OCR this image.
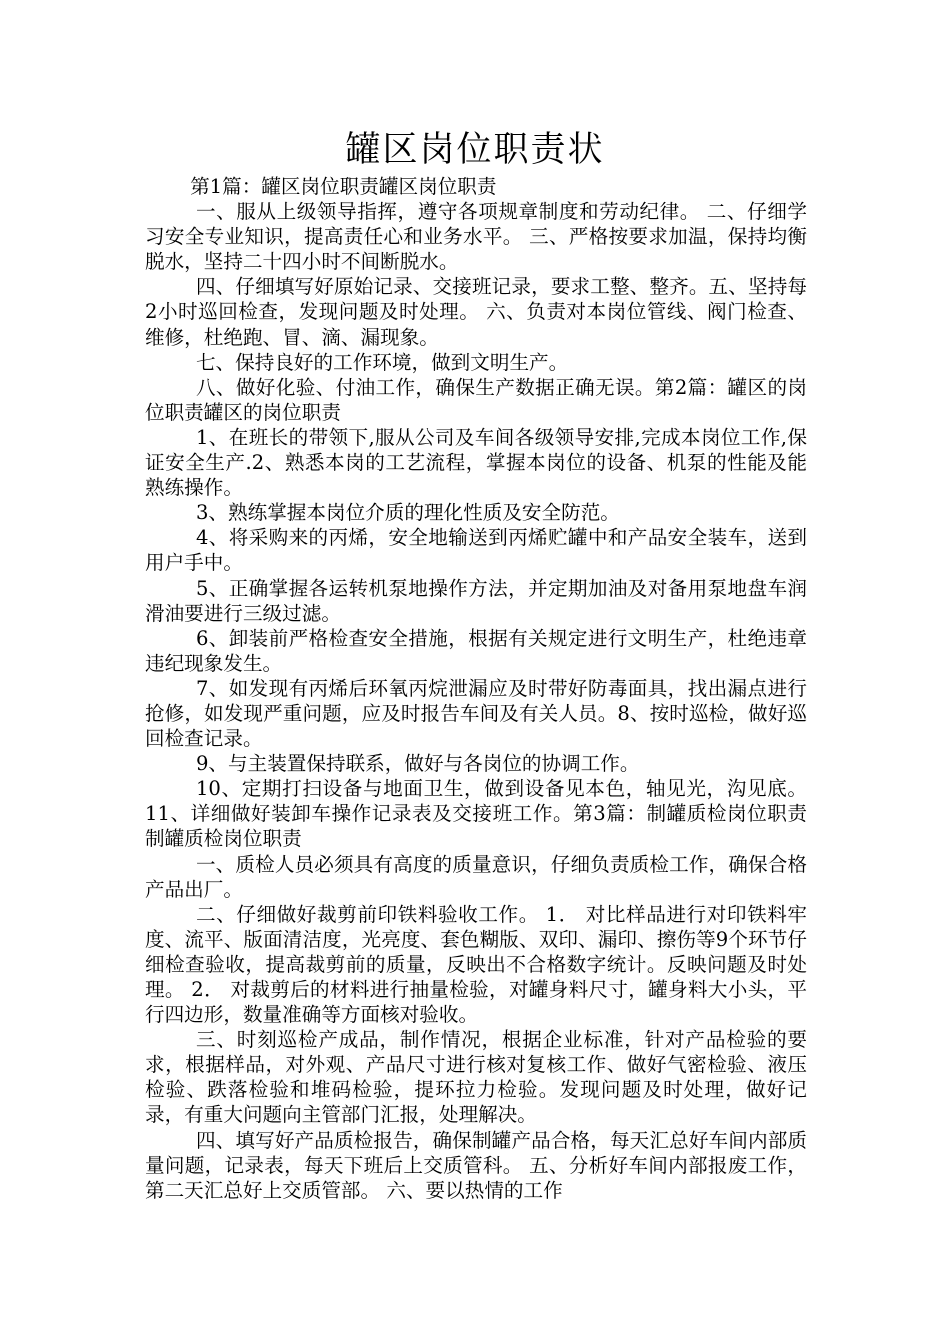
罐区岗位职责状

第1篇：罐区岗位职责罐区岗位职责

一、服从上级领导指挥，遵守各项规章制度和劳动纪律。 二、仔细学习安全专业知识，提高责任心和业务水平。 三、严格按要求加温，保持均衡脱水，坚持二十四小时不间断脱水。

四、仔细填写好原始记录、交接班记录，要求工整、整齐。五、坚持每2小时巡回检查，发现问题及时处理。 六、负责对本岗位管线、阀门检查、维修，杜绝跑、冒、滴、漏现象。

七、保持良好的工作环境，做到文明生产。

八、做好化验、付油工作，确保生产数据正确无误。第2篇：罐区的岗位职责罐区的岗位职责

1、在班长的带领下,服从公司及车间各级领导安排,完成本岗位工作,保证安全生产.2、熟悉本岗的工艺流程，掌握本岗位的设备、机泵的性能及能熟练操作。

3、熟练掌握本岗位介质的理化性质及安全防范。

4、将采购来的丙烯，安全地输送到丙烯贮罐中和产品安全装车，送到用户手中。

5、正确掌握各运转机泵地操作方法，并定期加油及对备用泵地盘车润滑油要进行三级过滤。

6、卸装前严格检查安全措施，根据有关规定进行文明生产，杜绝违章违纪现象发生。

7、如发现有丙烯后环氧丙烷泄漏应及时带好防毒面具，找出漏点进行抢修，如发现严重问题，应及时报告车间及有关人员。8、按时巡检，做好巡回检查记录。

9、与主装置保持联系，做好与各岗位的协调工作。

10、定期打扫设备与地面卫生，做到设备见本色，轴见光，沟见底。 11、详细做好装卸车操作记录表及交接班工作。第3篇：制罐质检岗位职责制罐质检岗位职责

一、质检人员必须具有高度的质量意识，仔细负责质检工作，确保合格产品出厂。

二、仔细做好裁剪前印铁料验收工作。 1． 对比样品进行对印铁料牢度、流平、版面清洁度，光亮度、套色糊版、双印、漏印、擦伤等9个环节仔细检查验收，提高裁剪前的质量，反映出不合格数字统计。反映问题及时处理。 2． 对裁剪后的材料进行抽量检验，对罐身料尺寸，罐身料大小头，平行四边形，数量准确等方面核对验收。

三、时刻巡检产成品，制作情况，根据企业标准，针对产品检验的要求，根据样品，对外观、产品尺寸进行核对复核工作、做好气密检验、液压检验、跌落检验和堆码检验，提环拉力检验。发现问题及时处理，做好记录，有重大问题向主管部门汇报，处理解决。

四、填写好产品质检报告，确保制罐产品合格，每天汇总好车间内部质量问题，记录表，每天下班后上交质管科。 五、分析好车间内部报废工作，第二天汇总好上交质管部。 六、要以热情的工作
